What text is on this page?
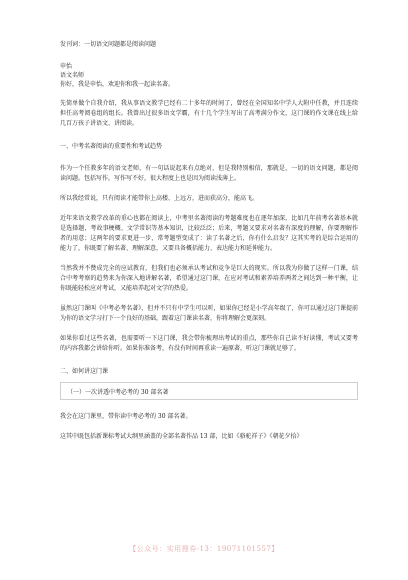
发刊词：一切语文问题都是阅读问题

申怡

语文名师

你好，我是申怡，欢迎你和我一起读名著。

先简单做个自我介绍，我从事语文教学已经有二十多年的时间了，曾经在全国知名中学人大附中任教，并且连续担任高考阅卷组的组长。我曾出过很多语文学霸，有十几个学生写出了高考满分作文，这门课的作文课在线上给几百万孩子讲语文、讲阅读。

一、中考名著阅读的重要性和考试趋势

作为一个任教多年的语文老师，有一句话说起来有点绝对，但是我特别相信，那就是，一切的语文问题，都是阅读问题。包括写作，写作写不好，很大程度上也是因为阅读浅薄上。

所以我经常说，只有阅读才能带你上高楼、上远方，进而获高分，能高飞。

近年来语文教学改革的重心也都在阅读上，中考里名著阅读的考题难度也在逐年加深，比如几年前考名著基本就是选择题，考故事梗概、文学常识等基本知识，比较泛泛；后来，考题又要求对名著有深度的理解，你要理解作者的用意；这两年的要求更进一步，常考题型变成了：读了名著之后，你有什么启发？这其实考的是综合运用的能力了，你既要了解名著、理解深意，又要具备概括能力、表达能力和延伸能力。

当然我并不赞成完全的应试教育，但我们也必须承认考试和竞争是巨大的现实。所以我为你做了这样一门课，结合中考考察的趋势来为你深入地讲解名著，希望通过这门课，在应对考试和素养培养两者之间达到一种平衡，让你既能轻松应对考试，又能培养起对文学的热爱。

虽然这门课叫《中考必考名著》，但并不只有中学生可以听，如果你已经是小学高年级了，你可以通过这门课提前为你的语文学习打下一个良好的基础，跟着这门课读名著，你将理解会更深刻。

如果你看过这些名著，也需要听一下这门课，我会带你梳理出考试的重点，那些你自己读不好读懂，考试又要考的内容我都会讲给你听。如果你准备考，有没有时间再重读一遍原著，听这门课就足够了。

二、如何讲这门课

（一）一次讲透中考必考的 30 部名著

我会在这门课里，带你读中考必考的 30 部名著。

这其中既包括新课标考试大纲里涵盖的全部名著作品 13 部，比如《骆驼祥子》《朝花夕拾》

【公众号：实用搜券-13：19071101557】
